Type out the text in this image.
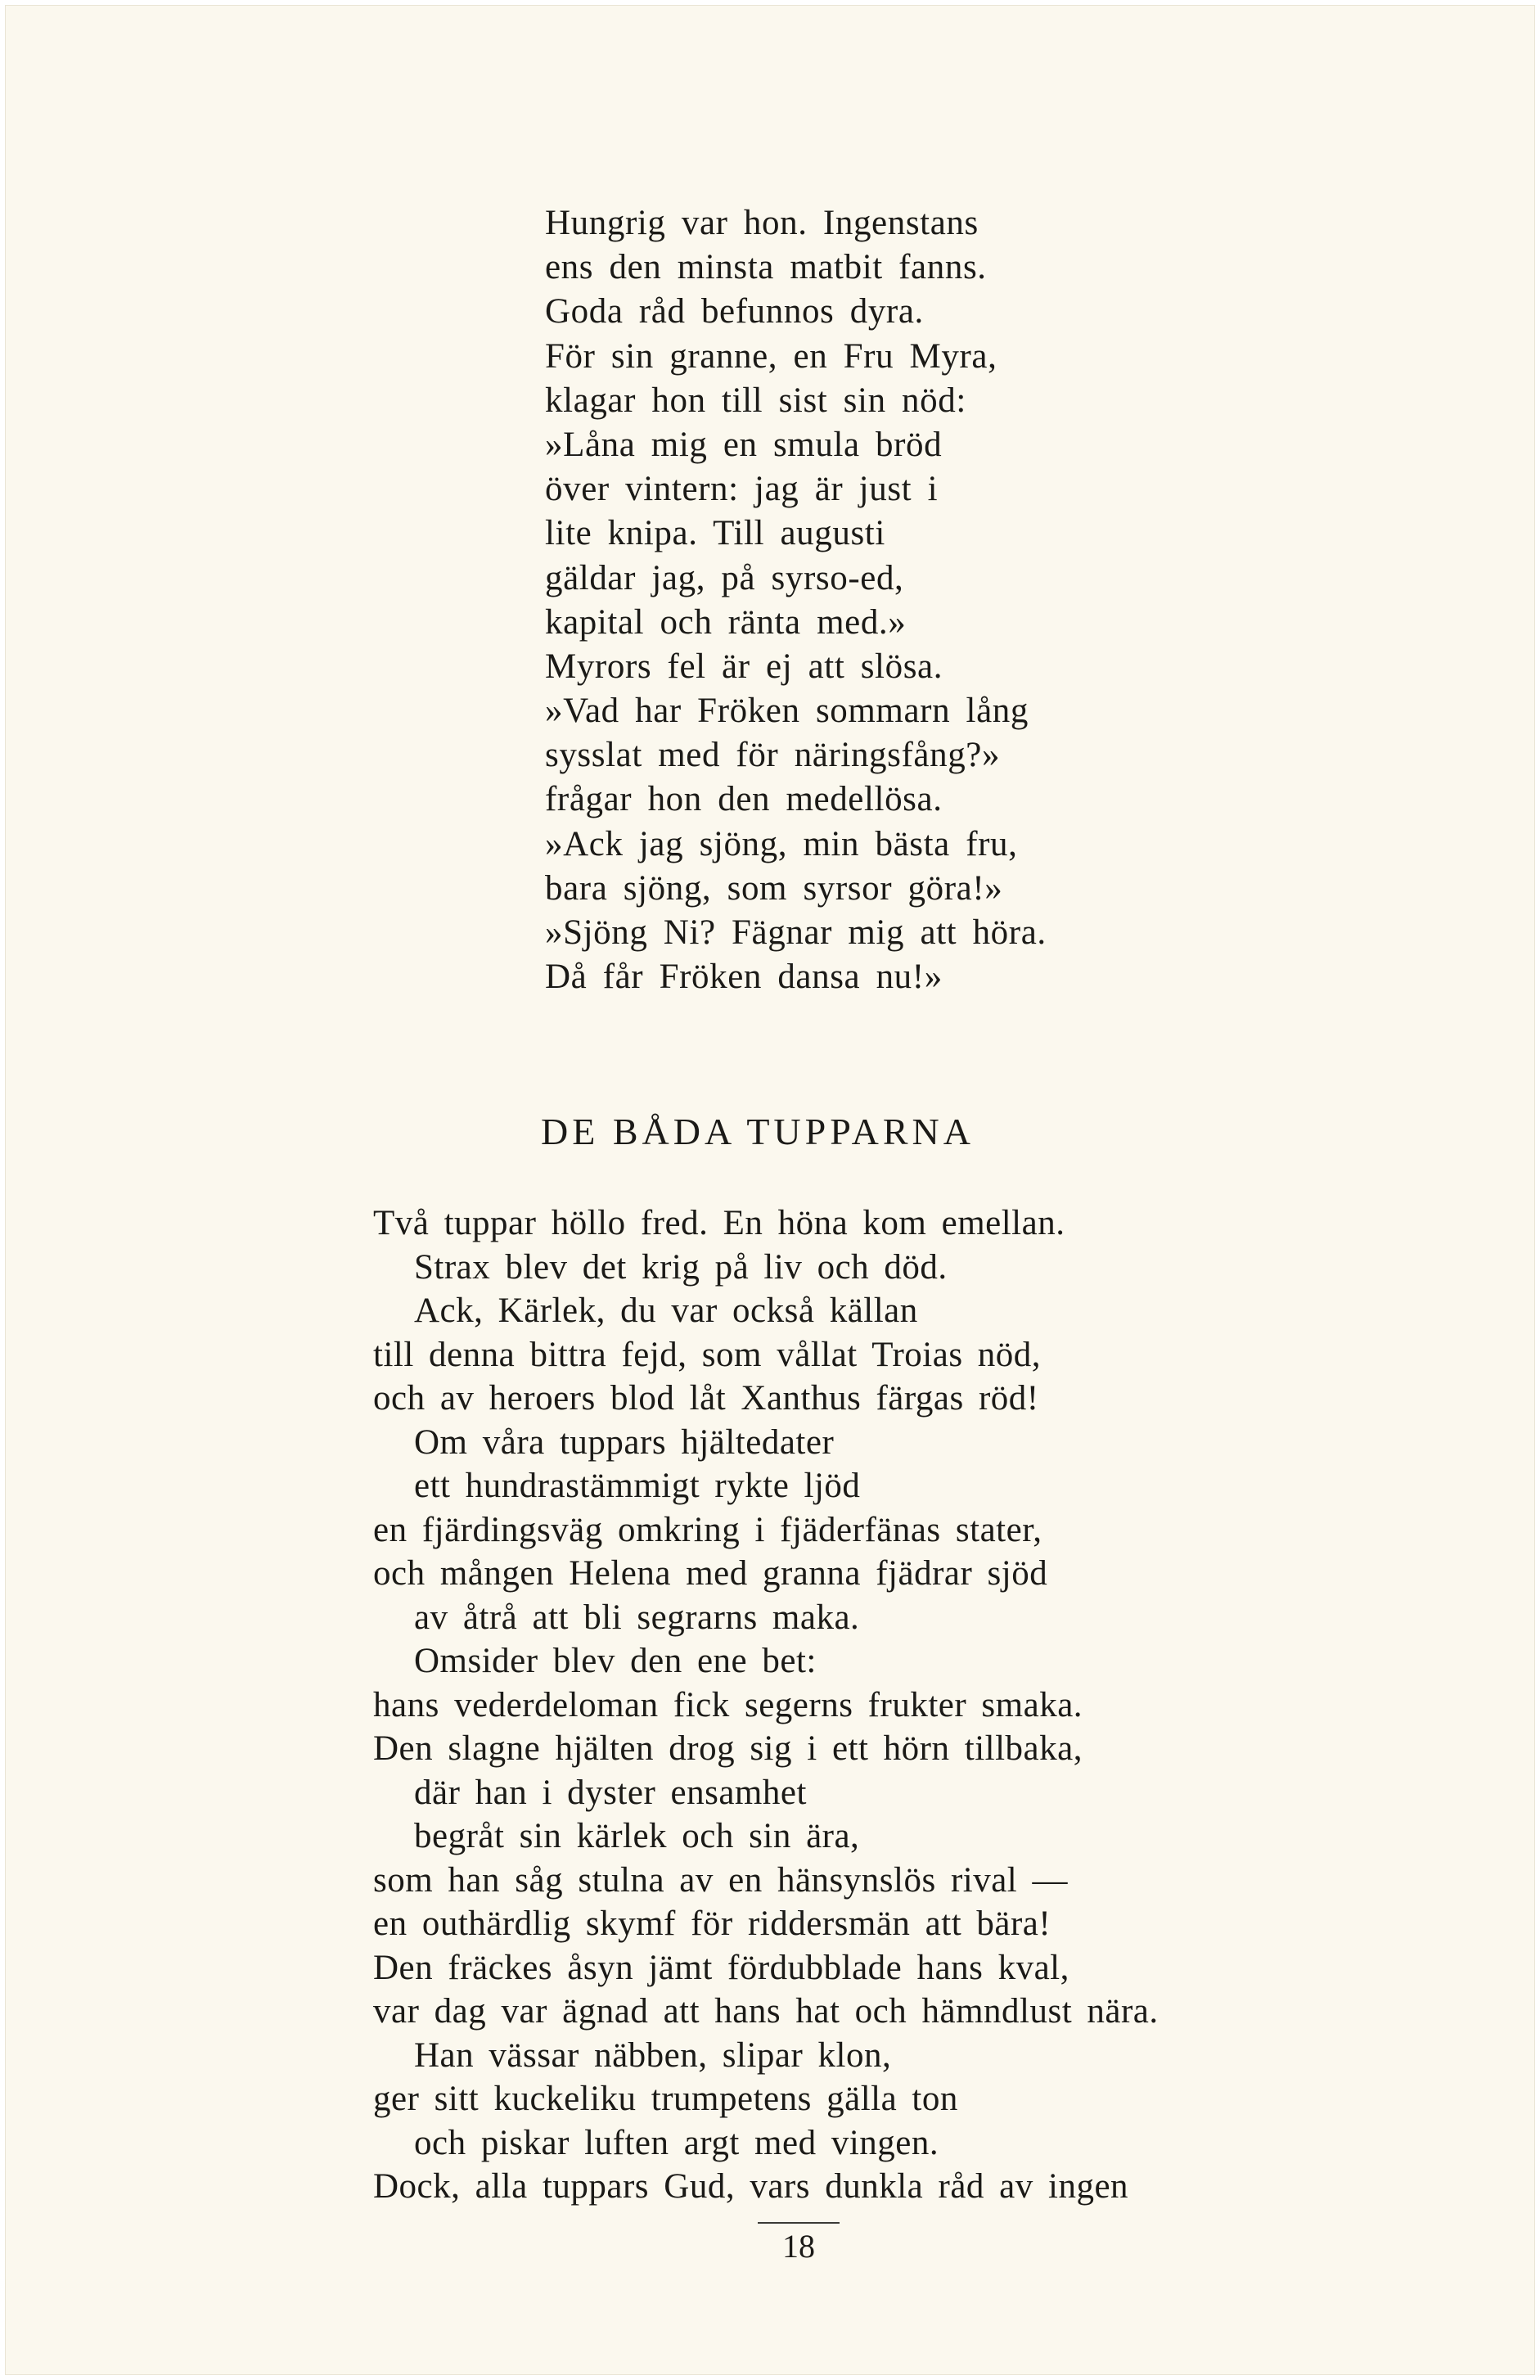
Hungrig var hon. Ingenstans
ens den minsta matbit fanns.
Goda råd befunnos dyra.
För sin granne, en Fru Myra,
klagar hon till sist sin nöd:
»Låna mig en smula bröd
över vintern: jag är just i
lite knipa. Till augusti
gäldar jag, på syrso-ed,
kapital och ränta med.»
Myrors fel är ej att slösa.
»Vad har Fröken sommarn lång
sysslat med för näringsfång?»
frågar hon den medellösa.
»Ack jag sjöng, min bästa fru,
bara sjöng, som syrsor göra!»
»Sjöng Ni? Fägnar mig att höra.
Då får Fröken dansa nu!»
DE BÅDA TUPPARNA
Två tuppar höllo fred. En höna kom emellan.
Strax blev det krig på liv och död.
Ack, Kärlek, du var också källan
till denna bittra fejd, som vållat Troias nöd,
och av heroers blod låt Xanthus färgas röd!
Om våra tuppars hjältedater
ett hundrastämmigt rykte ljöd
en fjärdingsväg omkring i fjäderfänas stater,
och mången Helena med granna fjädrar sjöd
av åtrå att bli segrarns maka.
Omsider blev den ene bet:
hans vederdeloman fick segerns frukter smaka.
Den slagne hjälten drog sig i ett hörn tillbaka,
där han i dyster ensamhet
begråt sin kärlek och sin ära,
som han såg stulna av en hänsynslös rival —
en outhärdlig skymf för riddersmän att bära!
Den fräckes åsyn jämt fördubblade hans kval,
var dag var ägnad att hans hat och hämndlust nära.
Han vässar näbben, slipar klon,
ger sitt kuckeliku trumpetens gälla ton
och piskar luften argt med vingen.
Dock, alla tuppars Gud, vars dunkla råd av ingen
18
